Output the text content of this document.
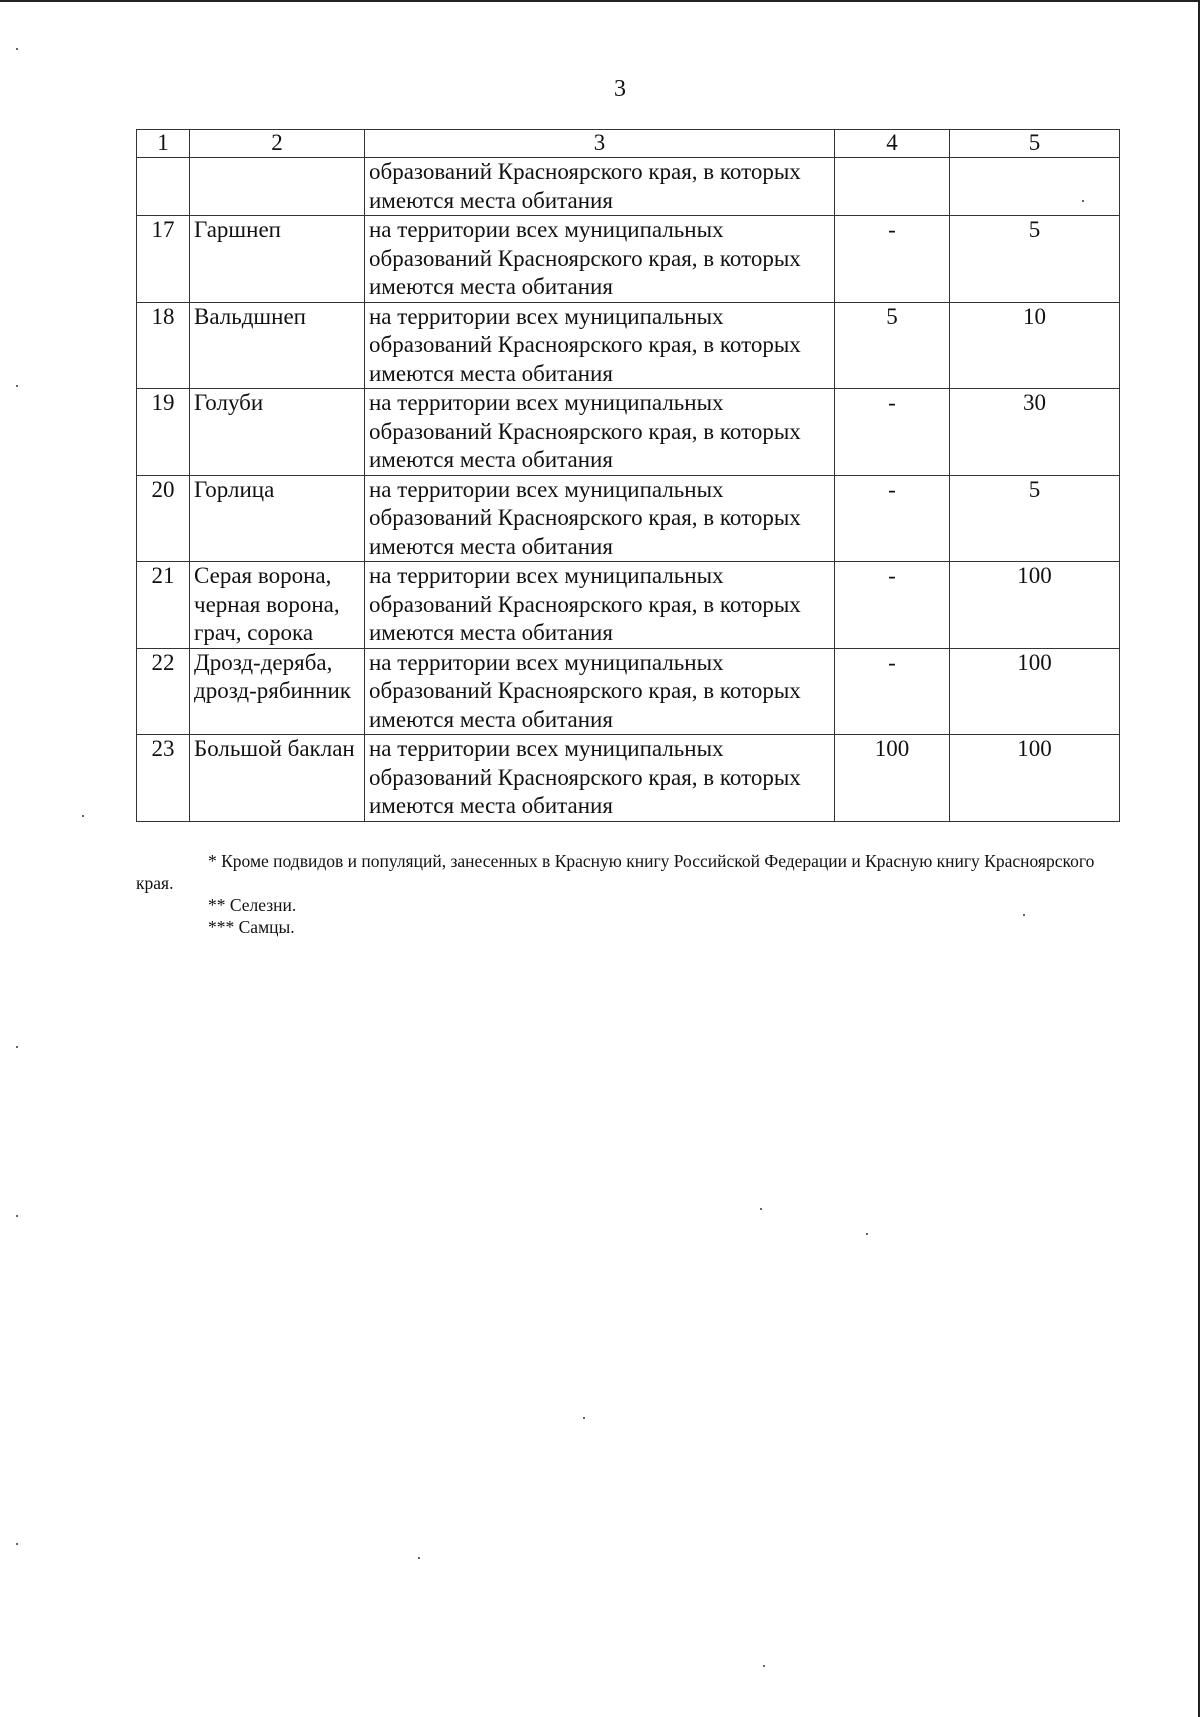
3
1	2	3	4	5
		образований Красноярского края, в которых имеются места обитания		
17	Гаршнеп	на территории всех муниципальных образований Красноярского края, в которых имеются места обитания	-	5
18	Вальдшнеп	на территории всех муниципальных образований Красноярского края, в которых имеются места обитания	5	10
19	Голуби	на территории всех муниципальных образований Красноярского края, в которых имеются места обитания	-	30
20	Горлица	на территории всех муниципальных образований Красноярского края, в которых имеются места обитания	-	5
21	Серая ворона, черная ворона, грач, сорока	на территории всех муниципальных образований Красноярского края, в которых имеются места обитания	-	100
22	Дрозд-деряба, дрозд-рябинник	на территории всех муниципальных образований Красноярского края, в которых имеются места обитания	-	100
23	Большой баклан	на территории всех муниципальных образований Красноярского края, в которых имеются места обитания	100	100

* Кроме подвидов и популяций, занесенных в Красную книгу Российской Федерации и Красную книгу Красноярского края.

** Селезни.

*** Самцы.
